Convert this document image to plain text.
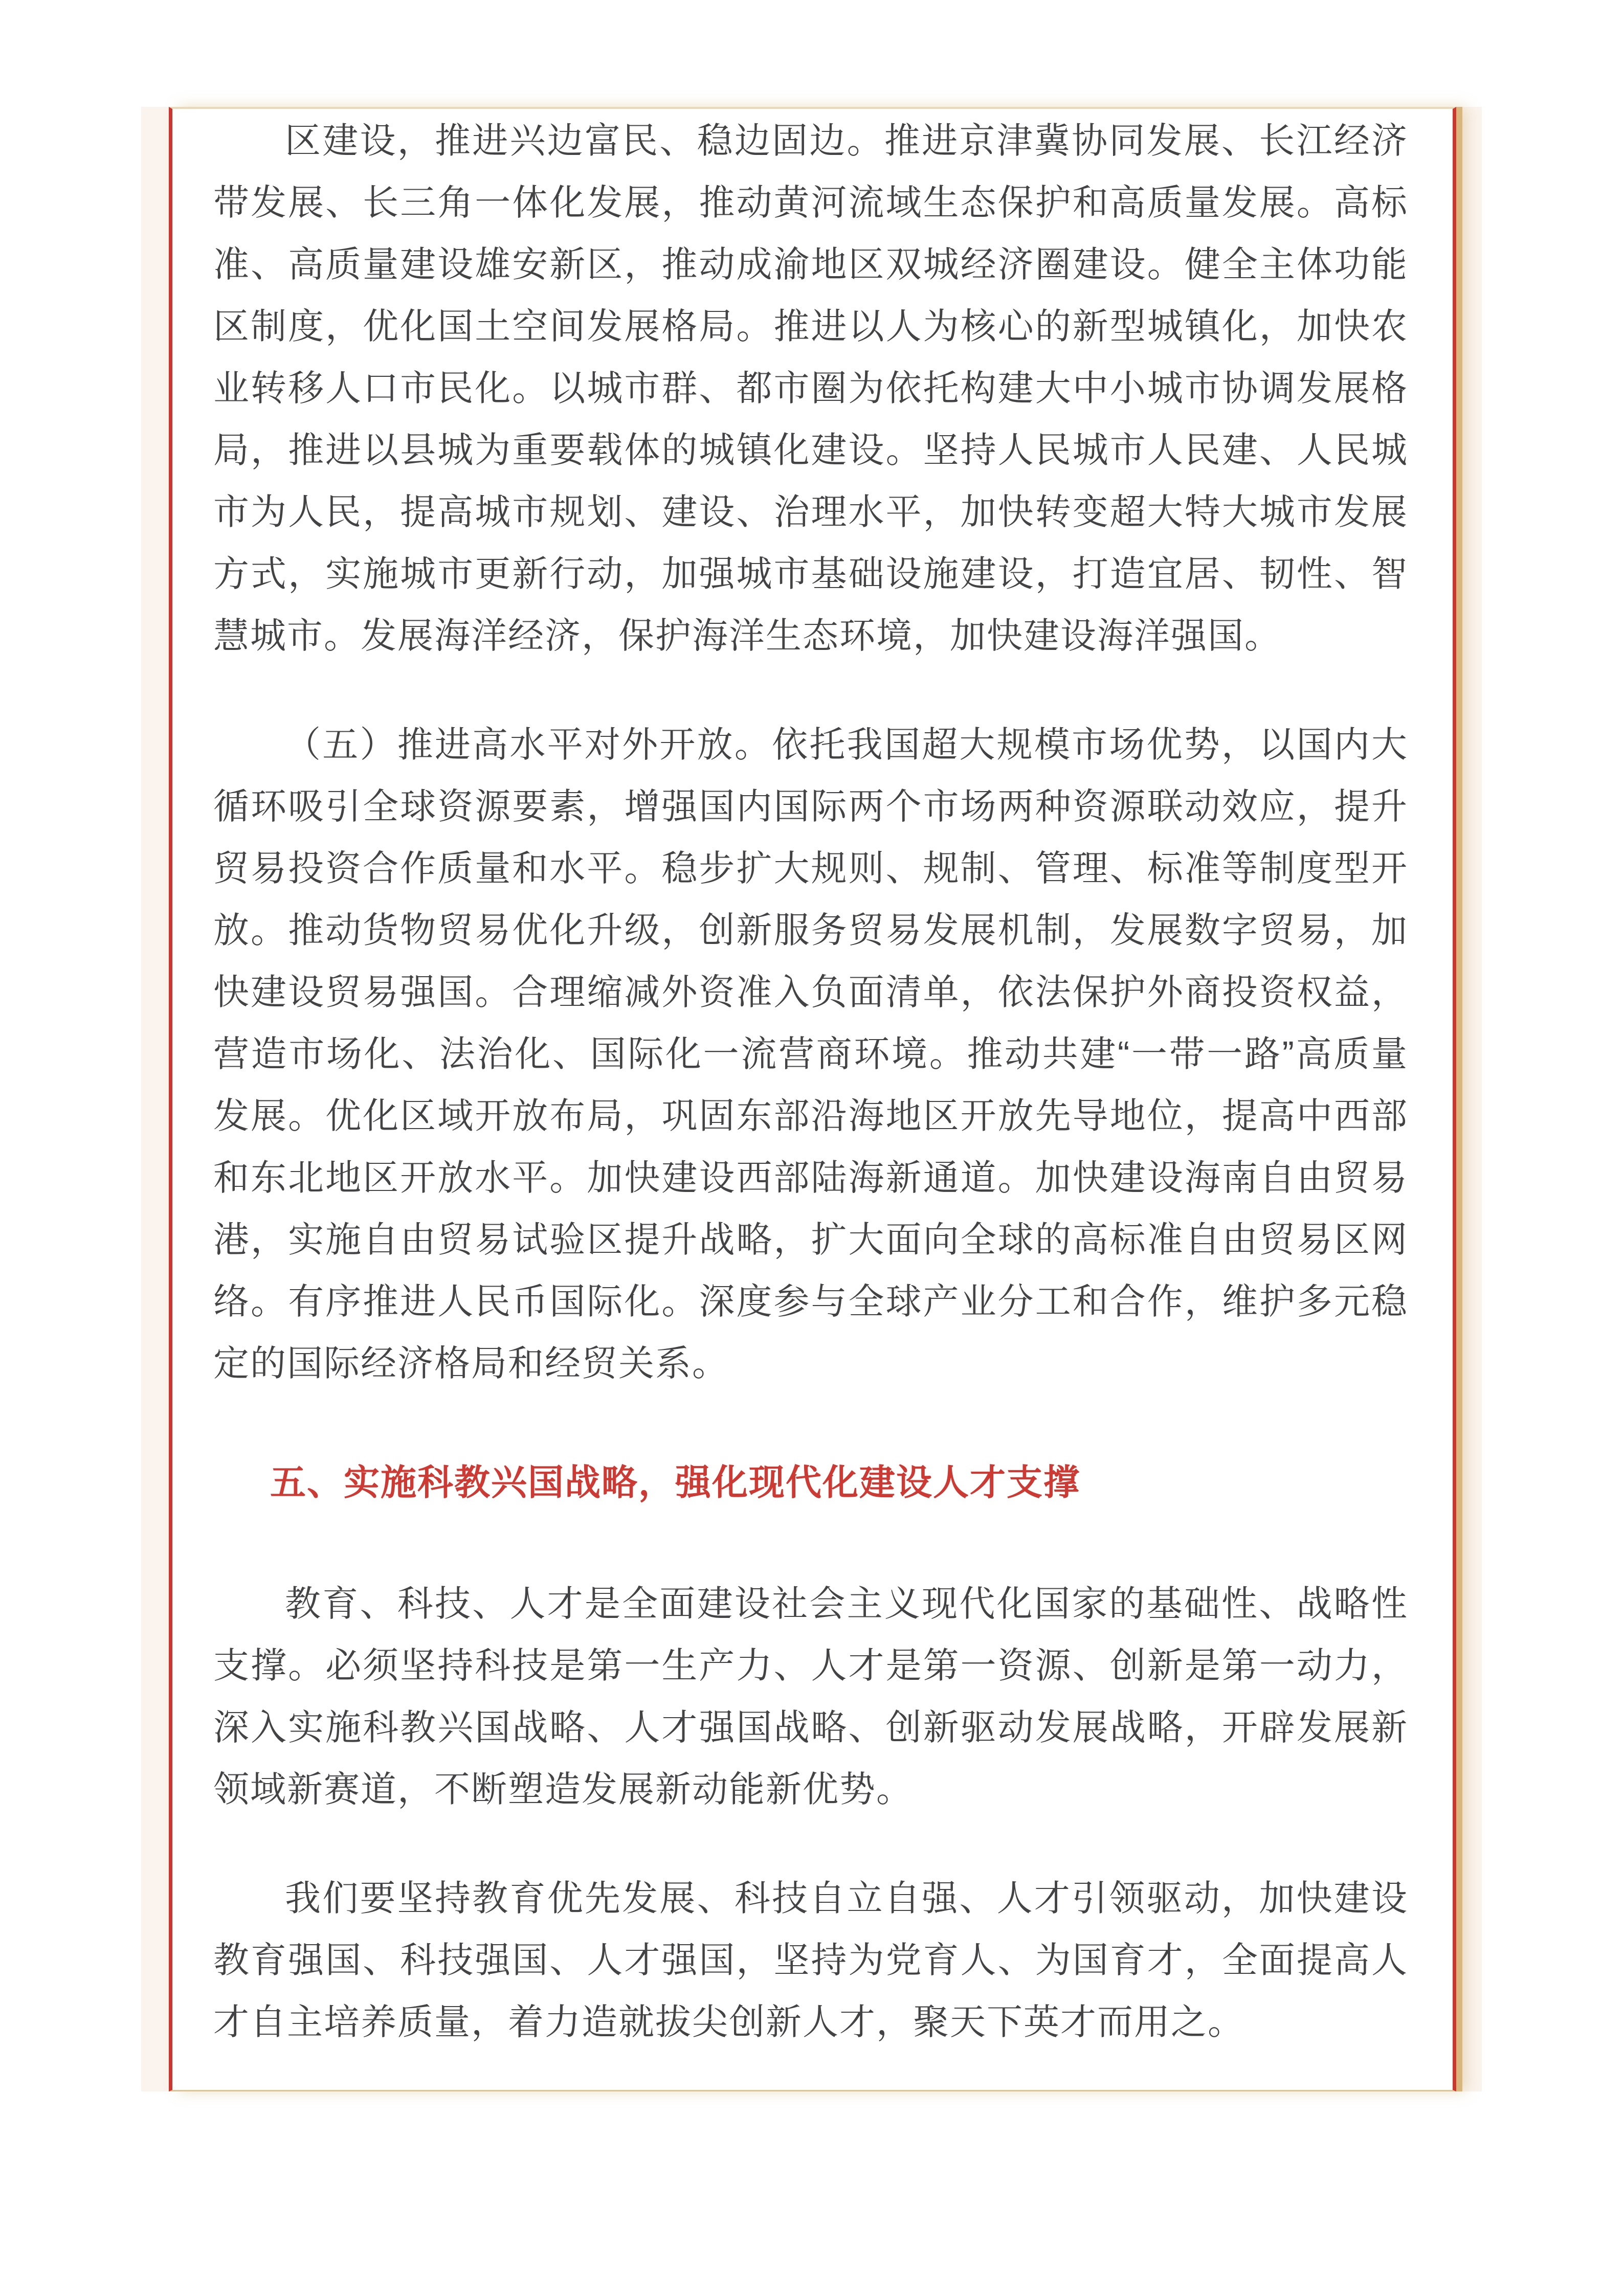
区建设，推进兴边富民、稳边固边。推进京津冀协同发展、长江经济带发展、长三角一体化发展，推动黄河流域生态保护和高质量发展。高标准、高质量建设雄安新区，推动成渝地区双城经济圈建设。健全主体功能区制度，优化国土空间发展格局。推进以人为核心的新型城镇化，加快农业转移人口市民化。以城市群、都市圈为依托构建大中小城市协调发展格局，推进以县城为重要载体的城镇化建设。坚持人民城市人民建、人民城市为人民，提高城市规划、建设、治理水平，加快转变超大特大城市发展方式，实施城市更新行动，加强城市基础设施建设，打造宜居、韧性、智慧城市。发展海洋经济，保护海洋生态环境，加快建设海洋强国。

（五）推进高水平对外开放。依托我国超大规模市场优势，以国内大循环吸引全球资源要素，增强国内国际两个市场两种资源联动效应，提升贸易投资合作质量和水平。稳步扩大规则、规制、管理、标准等制度型开放。推动货物贸易优化升级，创新服务贸易发展机制，发展数字贸易，加快建设贸易强国。合理缩减外资准入负面清单，依法保护外商投资权益，营造市场化、法治化、国际化一流营商环境。推动共建“一带一路”高质量发展。优化区域开放布局，巩固东部沿海地区开放先导地位，提高中西部和东北地区开放水平。加快建设西部陆海新通道。加快建设海南自由贸易港，实施自由贸易试验区提升战略，扩大面向全球的高标准自由贸易区网络。有序推进人民币国际化。深度参与全球产业分工和合作，维护多元稳定的国际经济格局和经贸关系。

五、实施科教兴国战略，强化现代化建设人才支撑

教育、科技、人才是全面建设社会主义现代化国家的基础性、战略性支撑。必须坚持科技是第一生产力、人才是第一资源、创新是第一动力，深入实施科教兴国战略、人才强国战略、创新驱动发展战略，开辟发展新领域新赛道，不断塑造发展新动能新优势。

我们要坚持教育优先发展、科技自立自强、人才引领驱动，加快建设教育强国、科技强国、人才强国，坚持为党育人、为国育才，全面提高人才自主培养质量，着力造就拔尖创新人才，聚天下英才而用之。
